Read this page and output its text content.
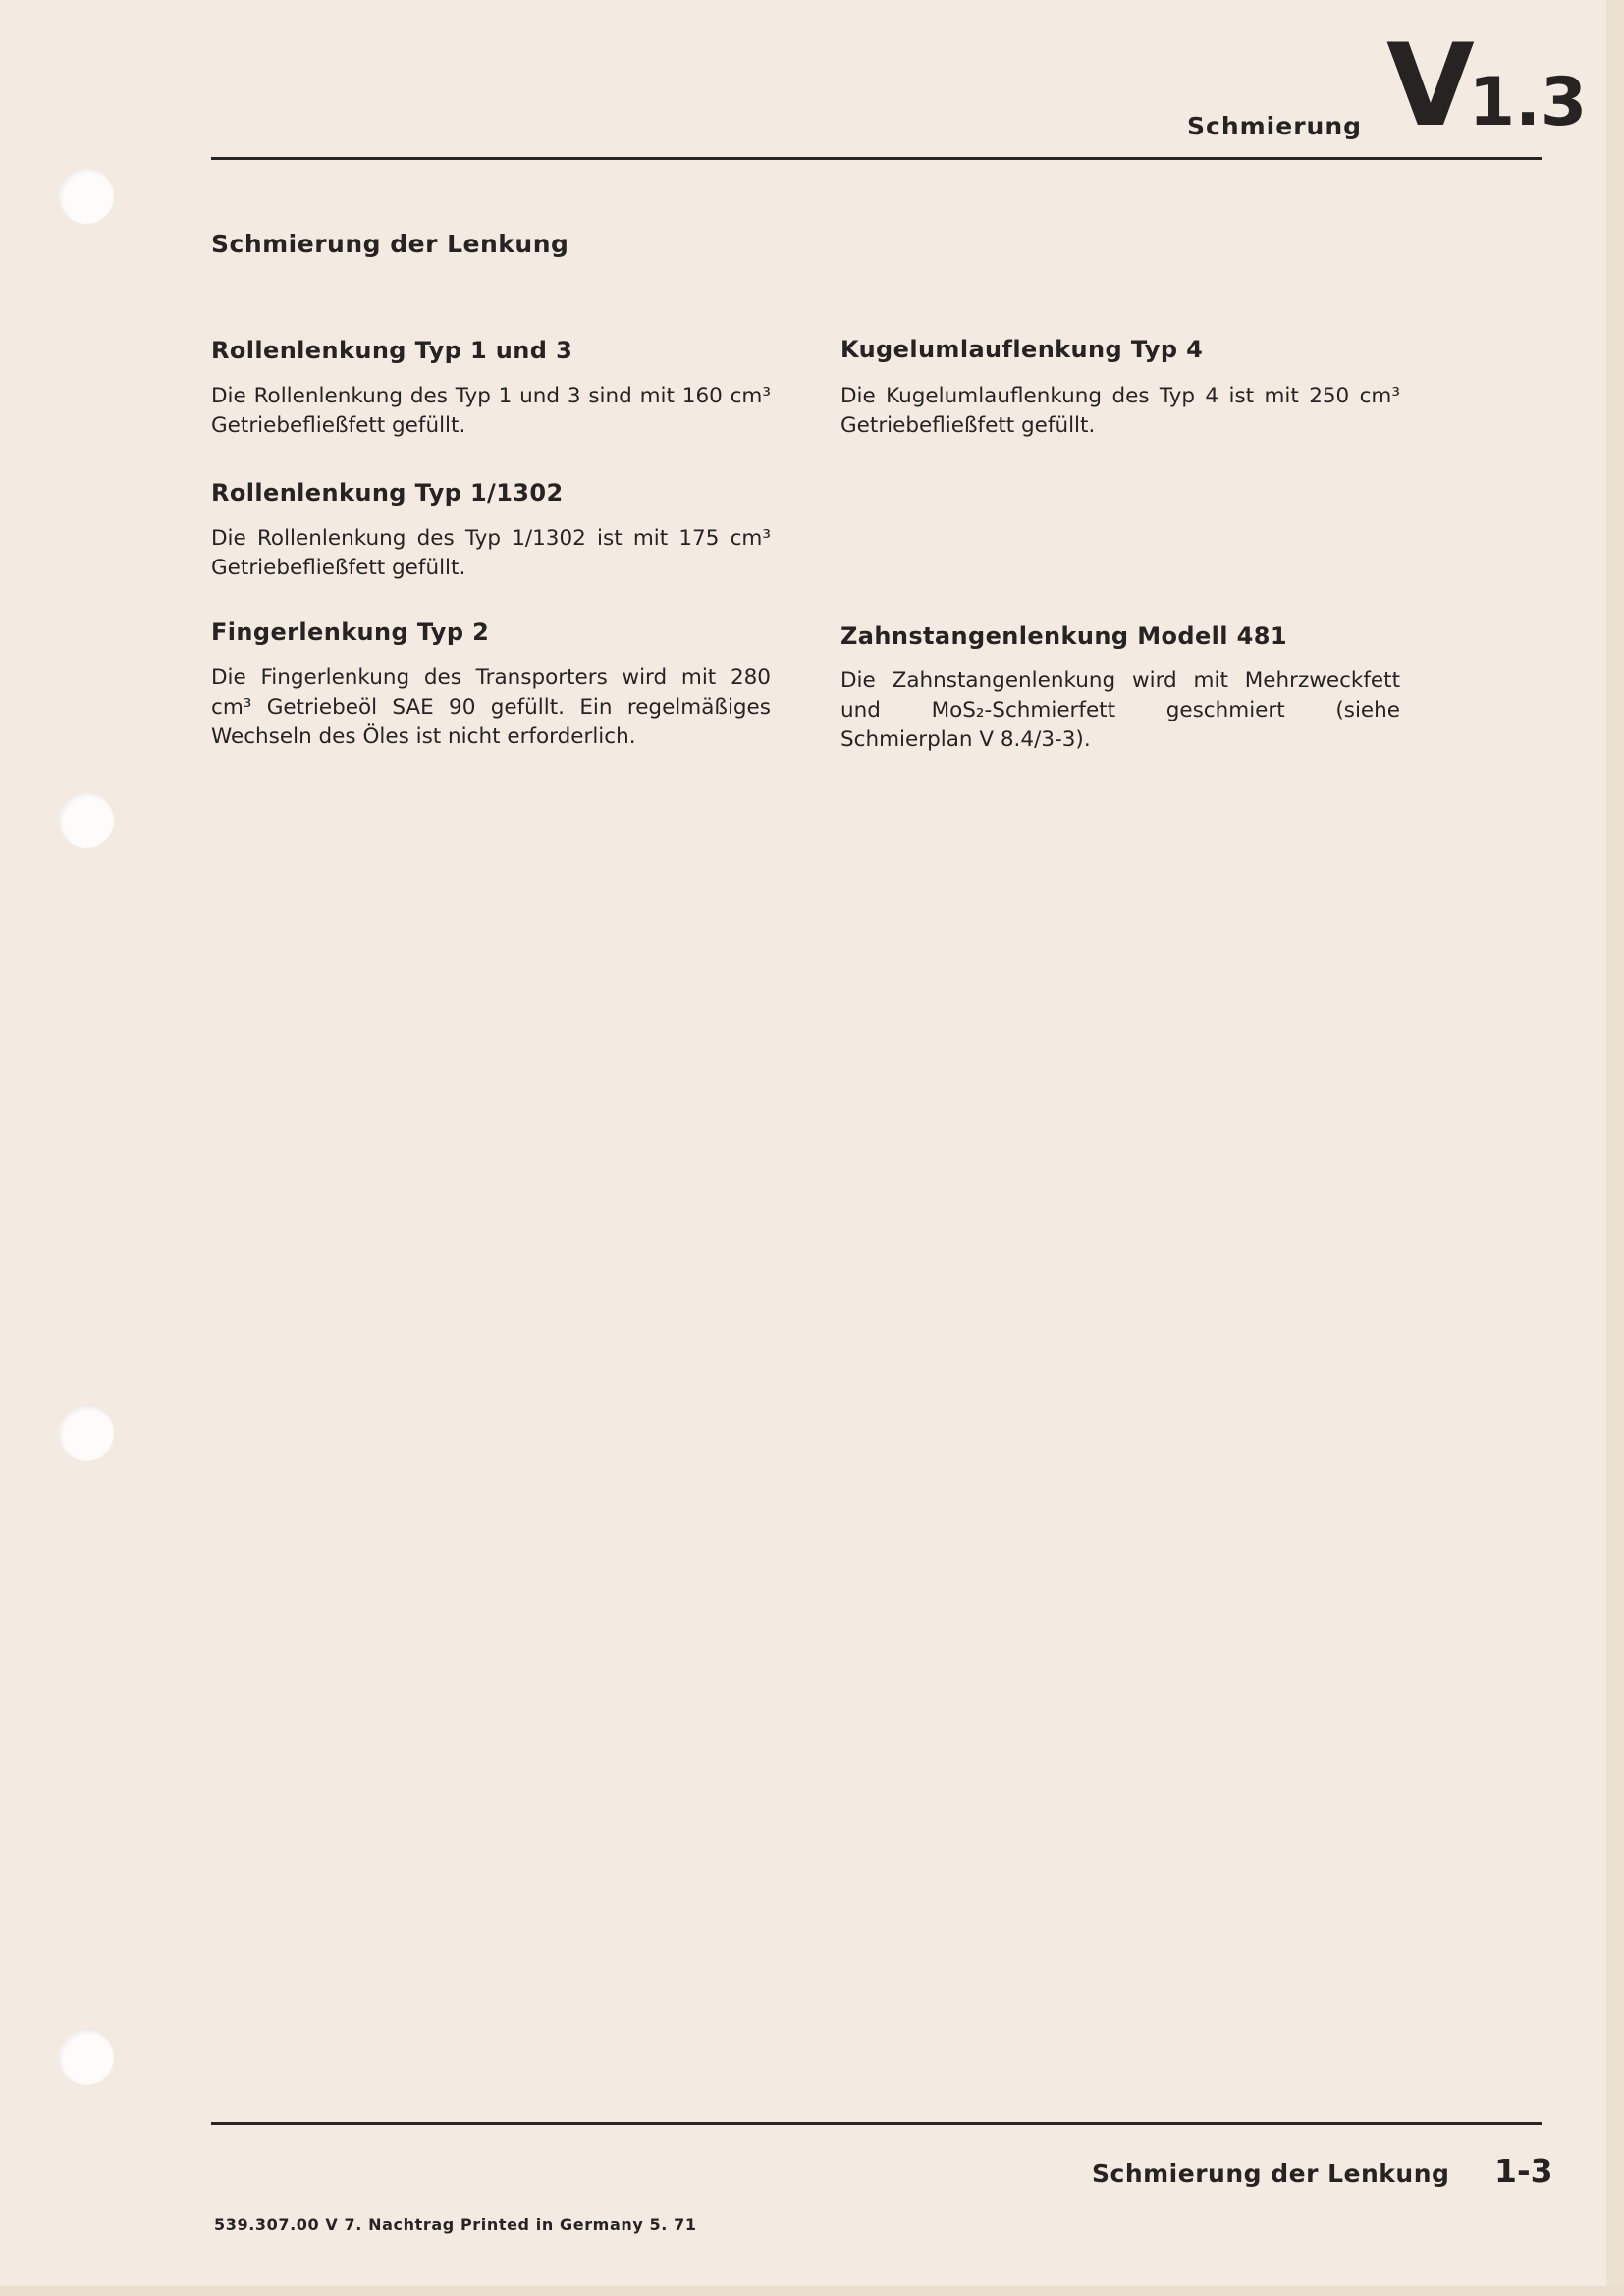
Schmierung V1.3
Schmierung der Lenkung
Rollenlenkung Typ 1 und 3
Die Rollenlenkung des Typ 1 und 3 sind mit 160 cm³ Getriebefließfett gefüllt.
Rollenlenkung Typ 1/1302
Die Rollenlenkung des Typ 1/1302 ist mit 175 cm³ Getriebefließfett gefüllt.
Fingerlenkung Typ 2
Die Fingerlenkung des Transporters wird mit 280 cm³ Getriebeöl SAE 90 gefüllt. Ein regelmäßiges Wechseln des Öles ist nicht erforderlich.
Kugelumlauflenkung Typ 4
Die Kugelumlauflenkung des Typ 4 ist mit 250 cm³ Getriebefließfett gefüllt.
Zahnstangenlenkung Modell 481
Die Zahnstangenlenkung wird mit Mehrzweckfett und MoS₂-Schmierfett geschmiert (siehe Schmierplan V 8.4/3-3).
Schmierung der Lenkung 1-3
539.307.00 V 7. Nachtrag Printed in Germany 5. 71
